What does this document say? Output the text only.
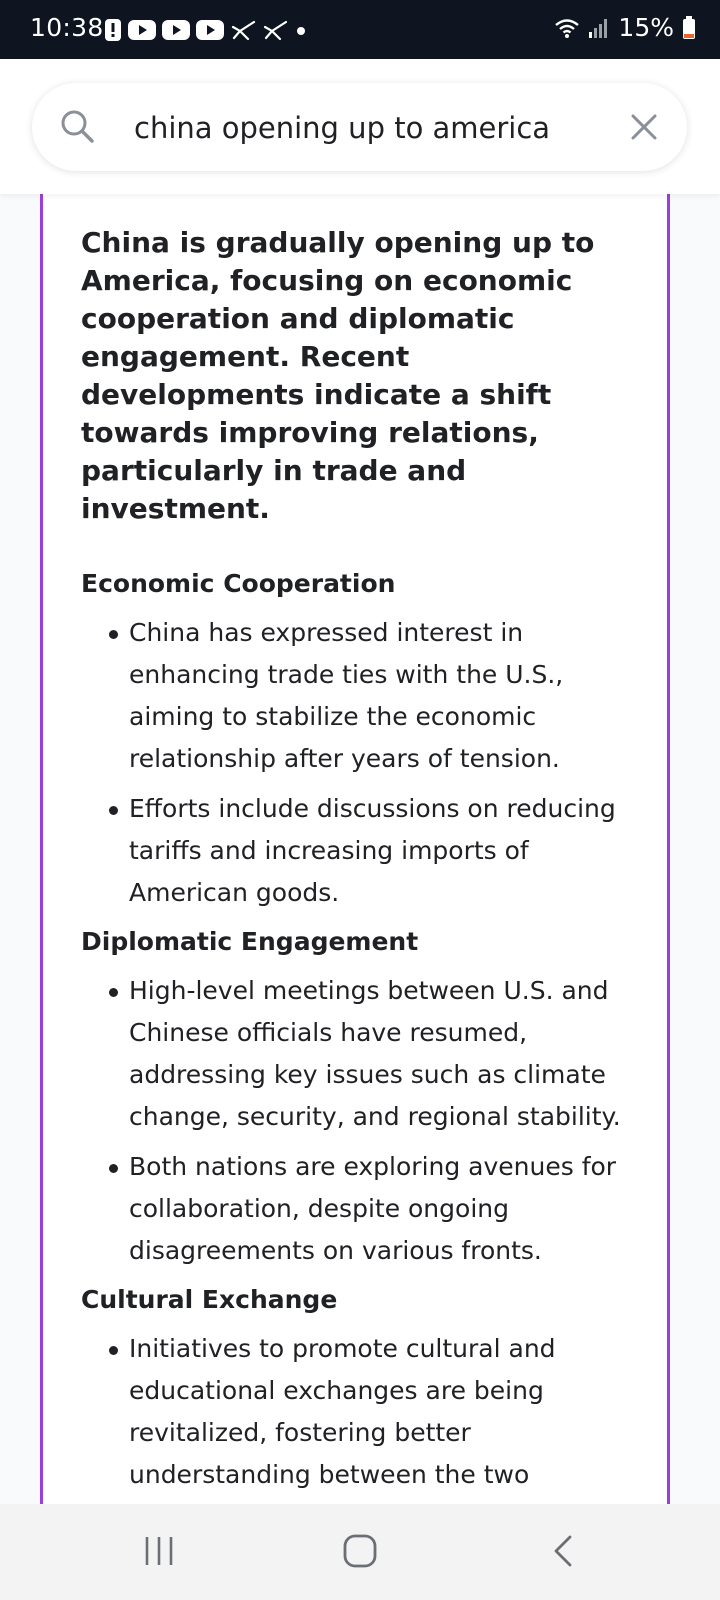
10:38	15%
china opening up to america

China is gradually opening up to America, focusing on economic cooperation and diplomatic engagement. Recent developments indicate a shift towards improving relations, particularly in trade and investment.

Economic Cooperation
China has expressed interest in enhancing trade ties with the U.S., aiming to stabilize the economic relationship after years of tension.
Efforts include discussions on reducing tariffs and increasing imports of American goods.
Diplomatic Engagement
High-level meetings between U.S. and Chinese officials have resumed, addressing key issues such as climate change, security, and regional stability.
Both nations are exploring avenues for collaboration, despite ongoing disagreements on various fronts.
Cultural Exchange
Initiatives to promote cultural and educational exchanges are being revitalized, fostering better understanding between the two
